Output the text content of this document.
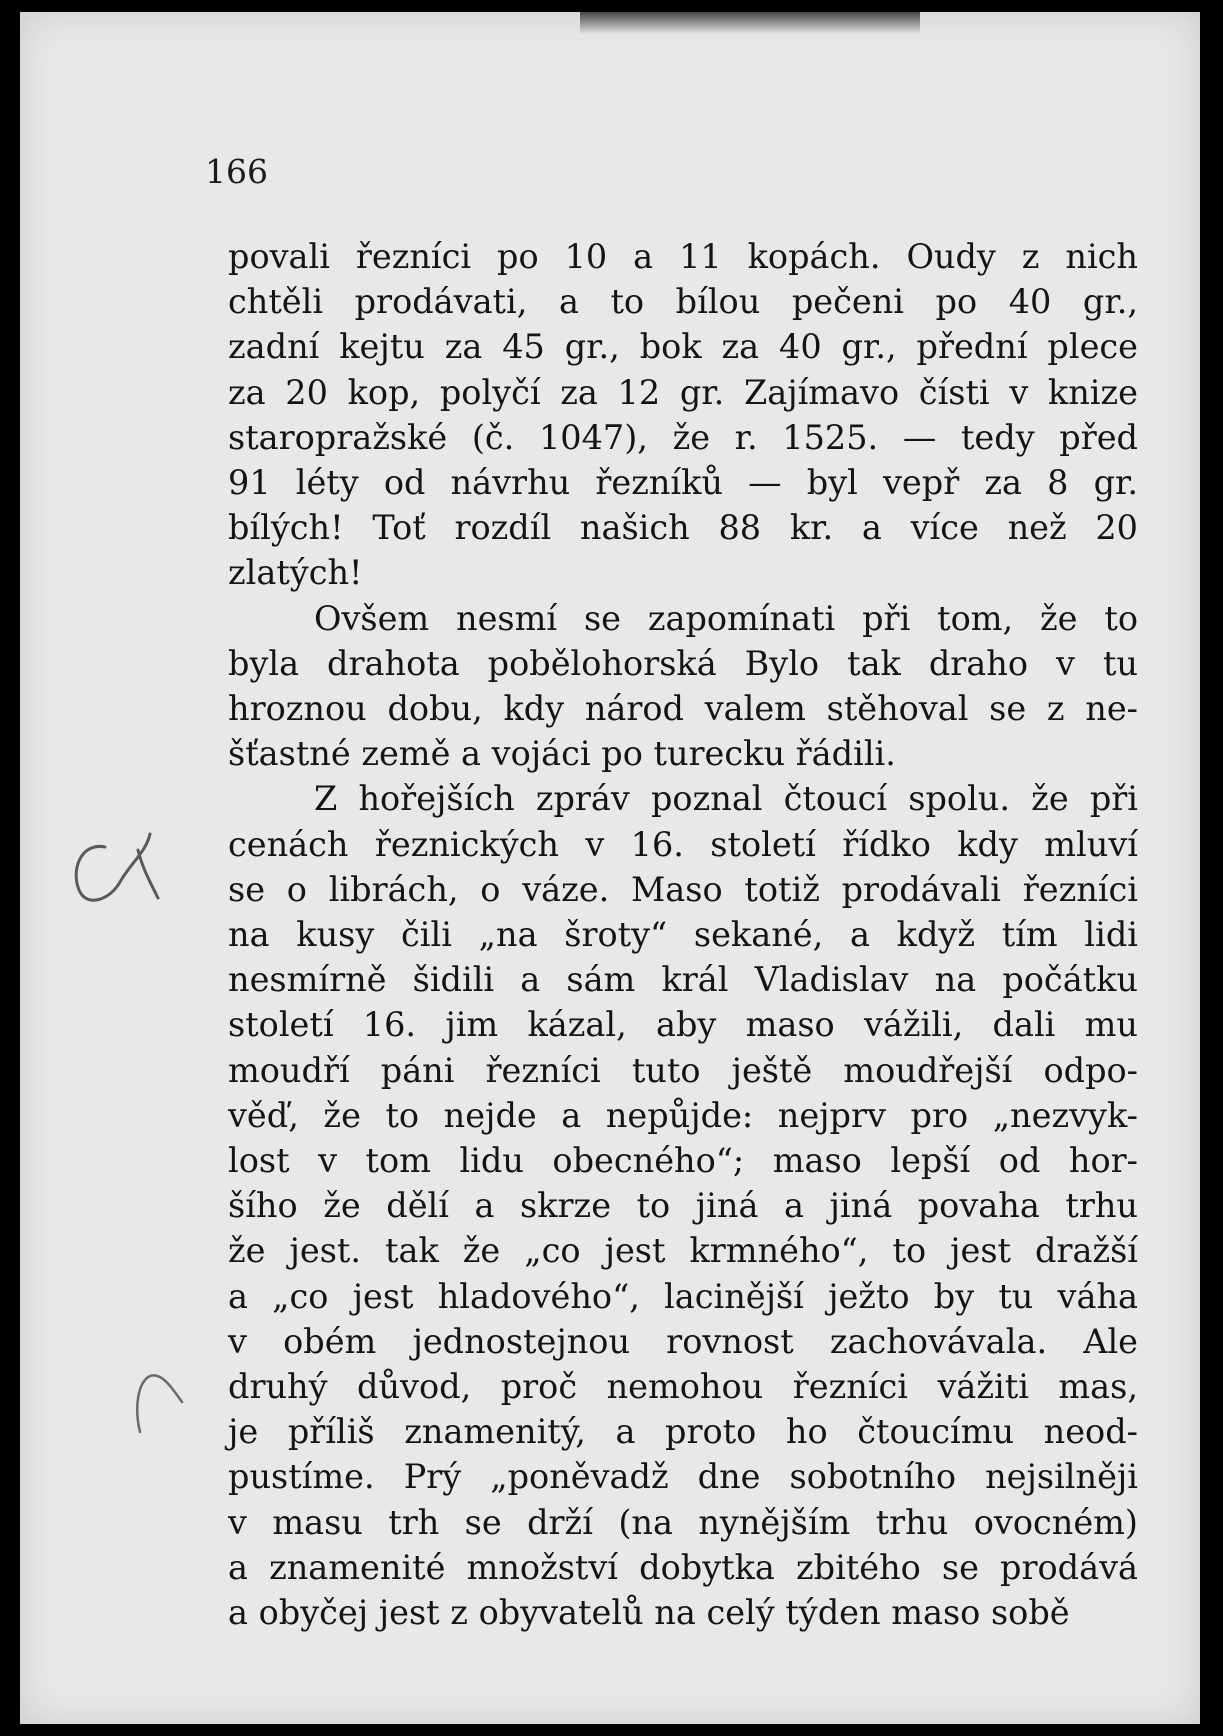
166

povali řezníci po 10 a 11 kopách. Oudy z nich

chtěli prodávati, a to bílou pečeni po 40 gr.,

zadní kejtu za 45 gr., bok za 40 gr., přední plece

za 20 kop, polyčí za 12 gr. Zajímavo čísti v knize

staropražské (č. 1047), že r. 1525. — tedy před

91 léty od návrhu řezníků — byl vepř za 8 gr.

bílých! Toť rozdíl našich 88 kr. a více než 20

zlatých!

Ovšem nesmí se zapomínati při tom, že to

byla drahota pobělohorská Bylo tak draho v tu

hroznou dobu, kdy národ valem stěhoval se z ne-

šťastné země a vojáci po turecku řádili.

Z hořejších zpráv poznal čtoucí spolu. že při

cenách řeznických v 16. století řídko kdy mluví

se o librách, o váze. Maso totiž prodávali řezníci

na kusy čili „na šroty“ sekané, a když tím lidi

nesmírně šidili a sám král Vladislav na počátku

století 16. jim kázal, aby maso vážili, dali mu

moudří páni řezníci tuto ještě moudřejší odpo-

věď, že to nejde a nepůjde: nejprv pro „nezvyk-

lost v tom lidu obecného“; maso lepší od hor-

šího že dělí a skrze to jiná a jiná povaha trhu

že jest. tak že „co jest krmného“, to jest dražší

a „co jest hladového“, lacinější ježto by tu váha

v obém jednostejnou rovnost zachovávala. Ale

druhý důvod, proč nemohou řezníci vážiti mas,

je příliš znamenitý, a proto ho čtoucímu neod-

pustíme. Prý „poněvadž dne sobotního nejsilněji

v masu trh se drží (na nynějším trhu ovocném)

a znamenité množství dobytka zbitého se prodává

a obyčej jest z obyvatelů na celý týden maso sobě
